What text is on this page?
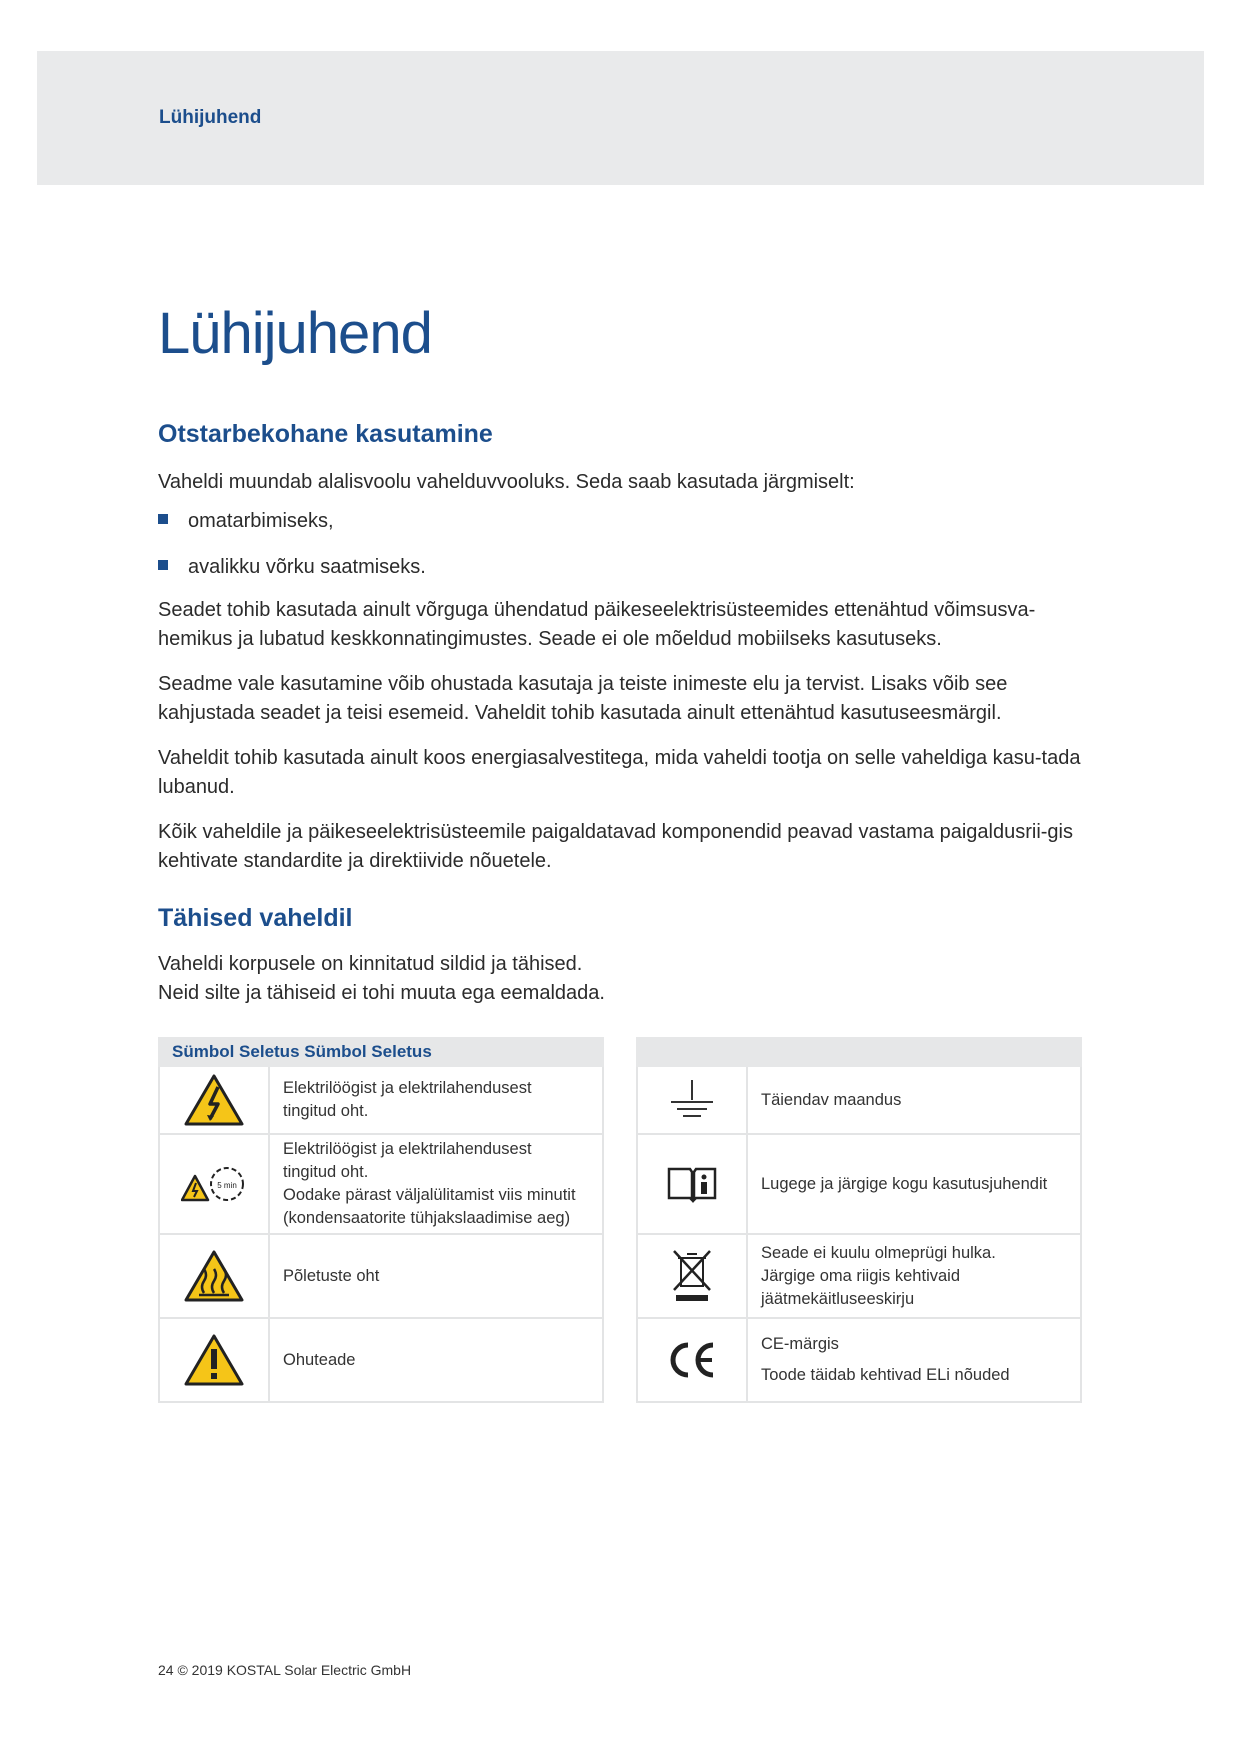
Lühijuhend
Lühijuhend
Otstarbekohane kasutamine

Vaheldi muundab alalisvoolu vahelduvvooluks. Seda saab kasutada järgmiselt:

omatarbimiseks,
avalikku võrku saatmiseks.

Seadet tohib kasutada ainult võrguga ühendatud päikeseelektrisüsteemides ettenähtud võimsusva-hemikus ja lubatud keskkonnatingimustes. Seade ei ole mõeldud mobiilseks kasutuseks.

Seadme vale kasutamine võib ohustada kasutaja ja teiste inimeste elu ja tervist. Lisaks võib see kahjustada seadet ja teisi esemeid. Vaheldit tohib kasutada ainult ettenähtud kasutuseesmärgil.

Vaheldit tohib kasutada ainult koos energiasalvestitega, mida vaheldi tootja on selle vaheldiga kasu-tada lubanud.

Kõik vaheldile ja päikeseelektrisüsteemile paigaldatavad komponendid peavad vastama paigaldusrii-gis kehtivate standardite ja direktiivide nõuetele.

Tähised vaheldil

Vaheldi korpusele on kinnitatud sildid ja tähised.

Neid silte ja tähiseid ei tohi muuta ega eemaldada.

Sümbol Seletus Sümbol Seletus
Elektrilöögist ja elektrilahendusest tingitud oht.
5 min
Elektrilöögist ja elektrilahendusest tingitud oht.
Oodake pärast väljalülitamist viis minutit (kondensaatorite tühjakslaadimise aeg)
Põletuste oht
Ohuteade
Täiendav maandus
Lugege ja järgige kogu kasutusjuhendit
Seade ei kuulu olmeprügi hulka.
Järgige oma riigis kehtivaid jäätmekäitluseeskirju
CE-märgis
Toode täidab kehtivad ELi nõuded
24 © 2019 KOSTAL Solar Electric GmbH
